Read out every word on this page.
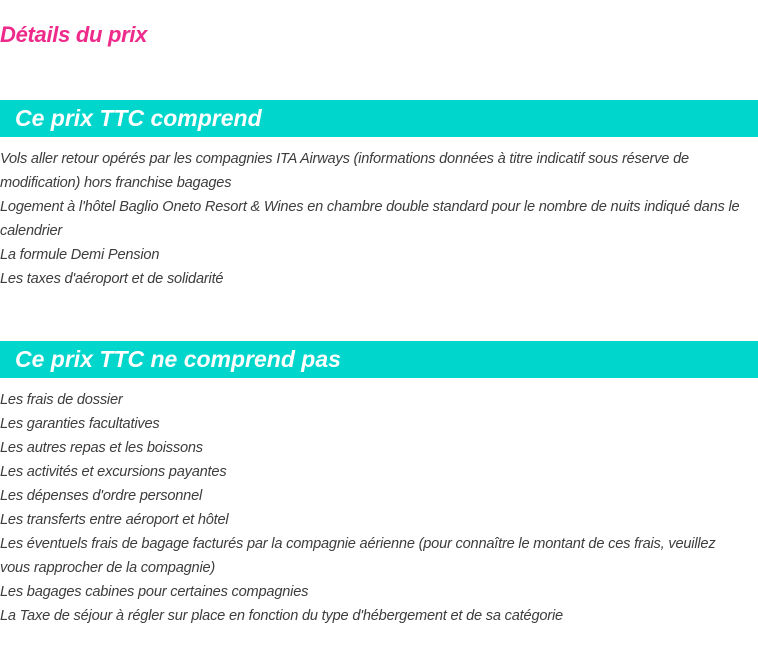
Détails du prix
Ce prix TTC comprend
Vols aller retour opérés par les compagnies ITA Airways (informations données à titre indicatif sous réserve de modification) hors franchise bagages
Logement à l'hôtel Baglio Oneto Resort & Wines en chambre double standard pour le nombre de nuits indiqué dans le calendrier
La formule Demi Pension
Les taxes d'aéroport et de solidarité
Ce prix TTC ne comprend pas
Les frais de dossier
Les garanties facultatives
Les autres repas et les boissons
Les activités et excursions payantes
Les dépenses d'ordre personnel
Les transferts entre aéroport et hôtel
Les éventuels frais de bagage facturés par la compagnie aérienne (pour connaître le montant de ces frais, veuillez vous rapprocher de la compagnie)
Les bagages cabines pour certaines compagnies
La Taxe de séjour à régler sur place en fonction du type d'hébergement et de sa catégorie
